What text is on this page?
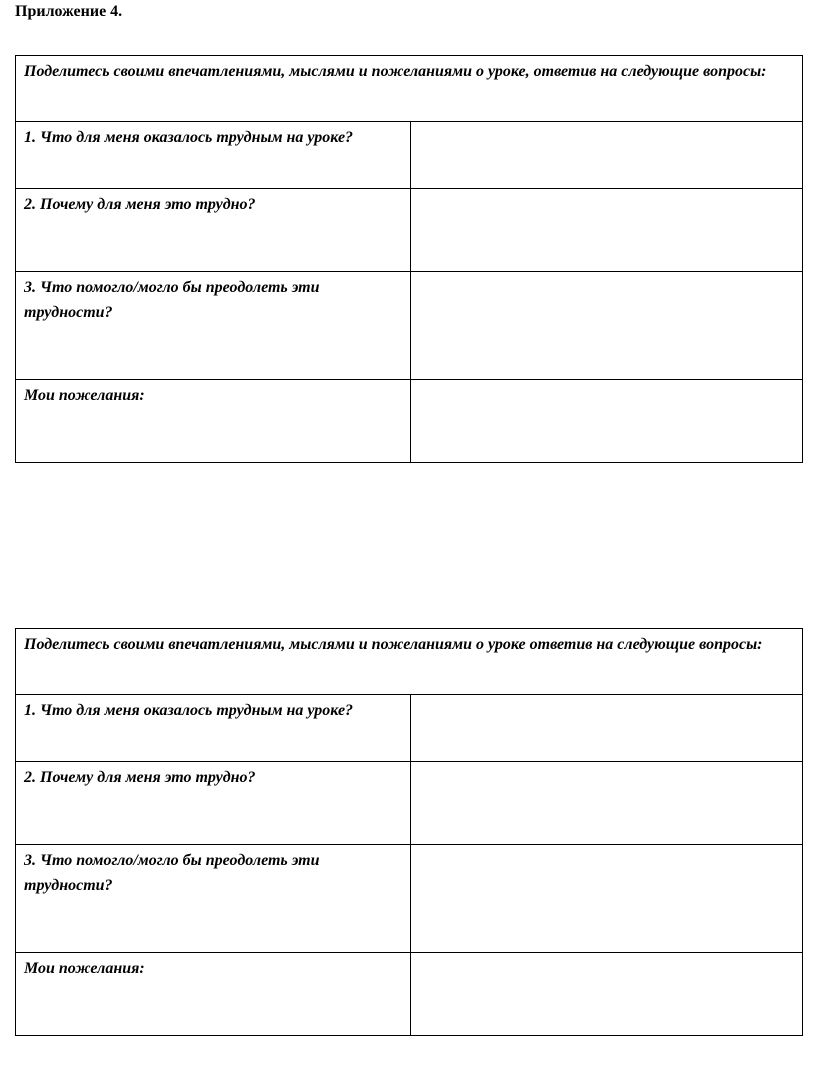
Приложение 4.
Поделитесь своими впечатлениями, мыслями и пожеланиями о уроке, ответив на следующие вопросы:	
1. Что для меня оказалось трудным на уроке?	
2. Почему для меня это трудно?	
3. Что помогло/могло бы преодолеть эти трудности?	
Мои пожелания:	
Поделитесь своими впечатлениями, мыслями и пожеланиями о уроке ответив на следующие вопросы:	
1. Что для меня оказалось трудным на уроке?	
2. Почему для меня это трудно?	
3. Что помогло/могло бы преодолеть эти трудности?	
Мои пожелания:	
